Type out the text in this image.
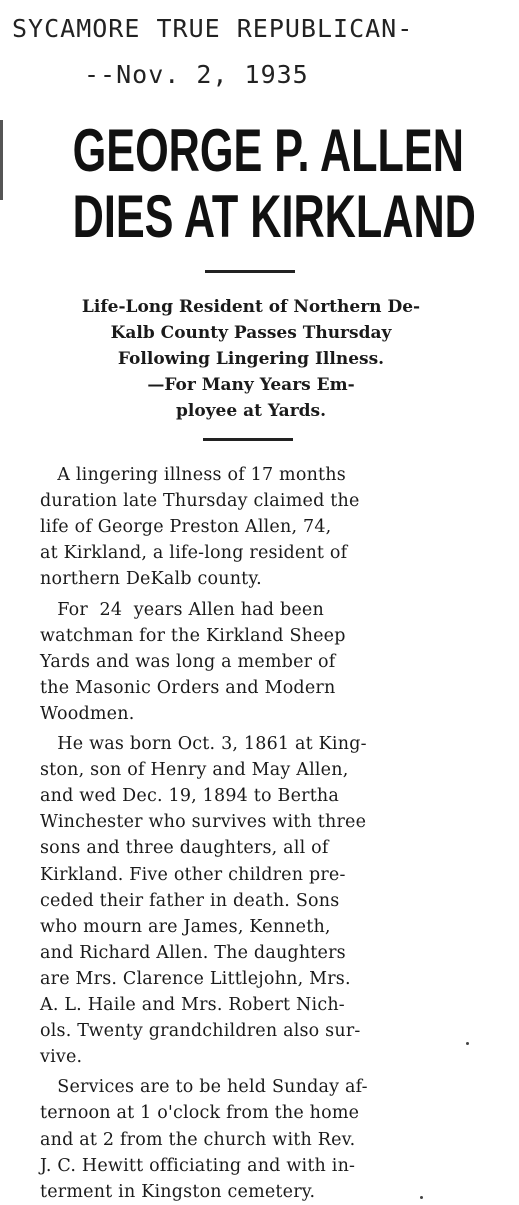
SYCAMORE TRUE REPUBLICAN-
--Nov. 2, 1935
GEORGE P. ALLEN
DIES AT KIRKLAND
Life-Long Resident of Northern De-
Kalb County Passes Thursday
Following Lingering Illness.
—For Many Years Em-
ployee at Yards.
A lingering illness of 17 months
duration late Thursday claimed the
life of George Preston Allen, 74,
at Kirkland, a life-long resident of
northern DeKalb county.
For  24  years Allen had been
watchman for the Kirkland Sheep
Yards and was long a member of
the Masonic Orders and Modern
Woodmen.
He was born Oct. 3, 1861 at King-
ston, son of Henry and May Allen,
and wed Dec. 19, 1894 to Bertha
Winchester who survives with three
sons and three daughters, all of
Kirkland. Five other children pre-
ceded their father in death. Sons
who mourn are James, Kenneth,
and Richard Allen. The daughters
are Mrs. Clarence Littlejohn, Mrs.
A. L. Haile and Mrs. Robert Nich-
ols. Twenty grandchildren also sur-
vive.
Services are to be held Sunday af-
ternoon at 1 o'clock from the home
and at 2 from the church with Rev.
J. C. Hewitt officiating and with in-
terment in Kingston cemetery.
